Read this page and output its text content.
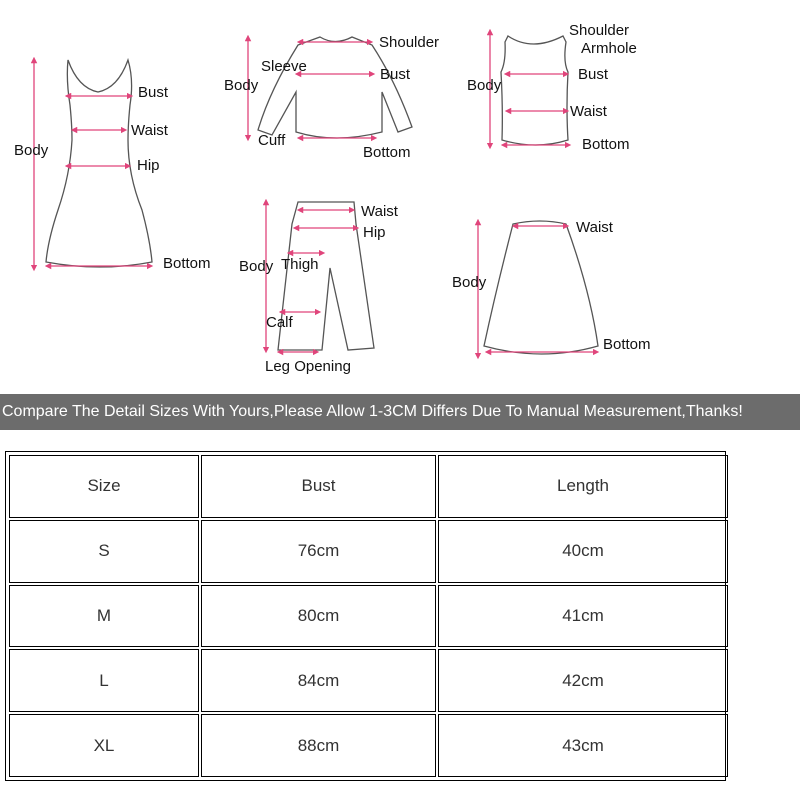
Bust
Waist
Body
Hip
Bottom
Shoulder
Sleeve	Bust
Body
Cuff
Bottom
Shoulder
Armhole
Bust
Body
Waist
Bottom
Waist
Hip
Body Thigh
Calf
Leg Opening
Waist
Body
Bottom
Compare The Detail Sizes With Yours,Please Allow 1-3CM Differs Due To Manual Measurement,Thanks!
Size	Bust	Length
S	76cm	40cm
M	80cm	41cm
L	84cm	42cm
XL	88cm	43cm
